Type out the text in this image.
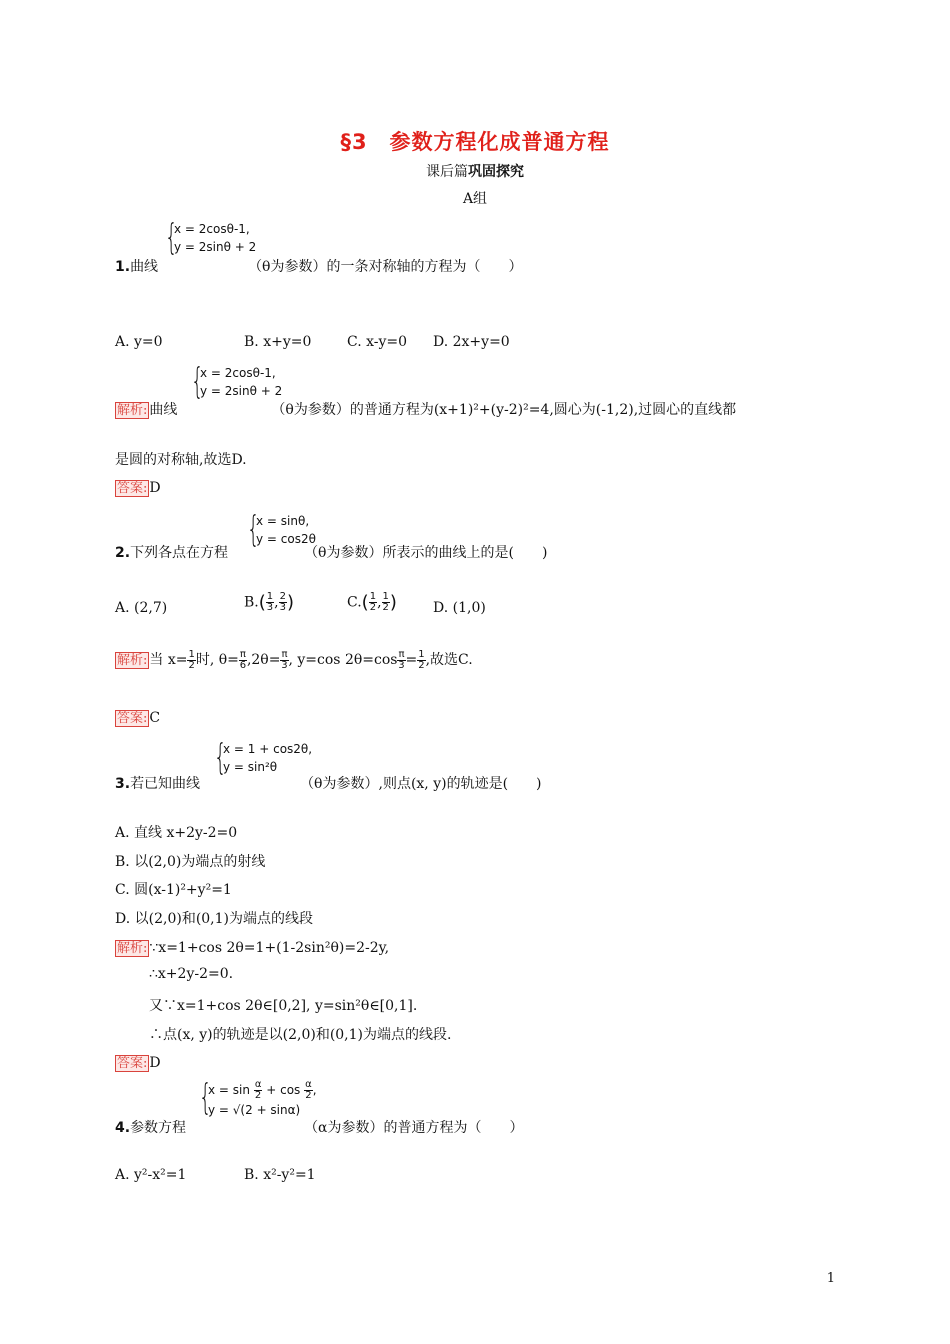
§3　参数方程化成普通方程
课后篇巩固探究
A组
{
x = 2cosθ-1,
y = 2sinθ + 2
1.曲线	（θ为参数）的一条对称轴的方程为（　　）
A. y=0	B. x+y=0	C. x-y=0 D. 2x+y=0
{
x = 2cosθ-1,
y = 2sinθ + 2
解析: 曲线	（θ为参数）的普通方程为(x+1)²+(y-2)²=4,圆心为(-1,2),过圆心的直线都
是圆的对称轴,故选D.
答案: D
{
x = sinθ,
y = cos2θ
2.下列各点在方程	（θ为参数）所表示的曲线上的是(　　)
A. (2,7)	$B.( \frac{1}{3}$ , $\frac{2}{3}$ )	$C.( \frac{1}{2}$ , $\frac{1}{2}$ )	D. (1,0)
解析: 当 $x= \frac{1}{2}$ 时, $\theta= \frac{\pi}{6} ,2\theta= \frac{\pi}{3}$ , y=cos $2\theta=\cos \frac{\pi}{3} = \frac{1}{2}$ ,故选C.
答案: C
{
x = 1 + cos2θ,
y = sin²θ
3.若已知曲线	（θ为参数）,则点(x, y)的轨迹是(　　)
A. 直线 x+2y-2=0
B. 以(2,0)为端点的射线
C. 圆(x-1)²+y²=1
D. 以(2,0)和(0,1)为端点的线段
解析: ∵x=1+cos 2θ=1+(1-2sin²θ)=2-2y,
∴x+2y-2=0.
又∵x=1+cos 2θ∈[0,2], y=sin²θ∈[0,1].
∴点(x, y)的轨迹是以(2,0)和(0,1)为端点的线段.
答案: D
{
$x = \sin \frac{\alpha}{2} + \cos \frac{\alpha}{2}$ ,
y = √(2 + sinα)
4.参数方程	（α为参数）的普通方程为（　　）
A. y²-x²=1	B. x²-y²=1
1
